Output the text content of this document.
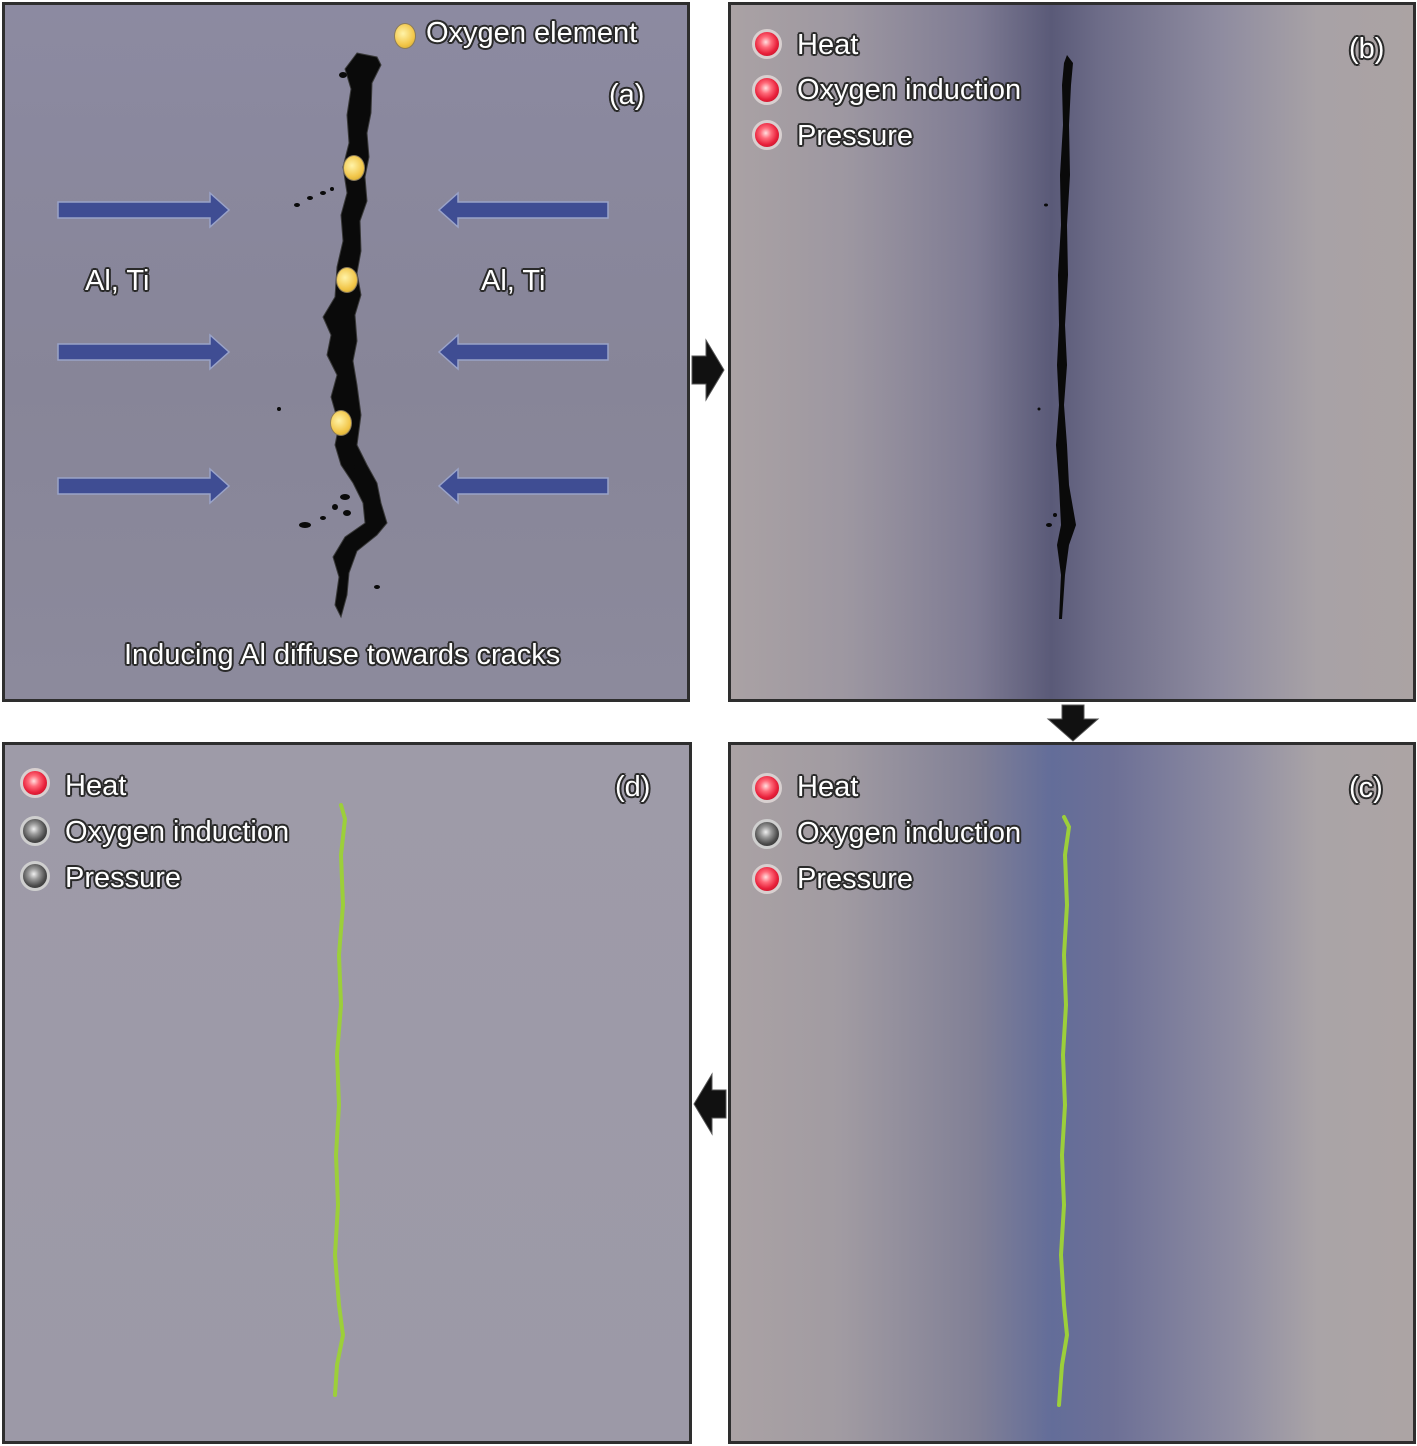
Oxygen element
(a)
Al, Ti	Al, Ti
Inducing Al diffuse towards cracks
Heat
Oxygen induction
Pressure
(b)
Heat
Oxygen induction
Pressure
(c)
Heat
Oxygen induction
Pressure
(d)
